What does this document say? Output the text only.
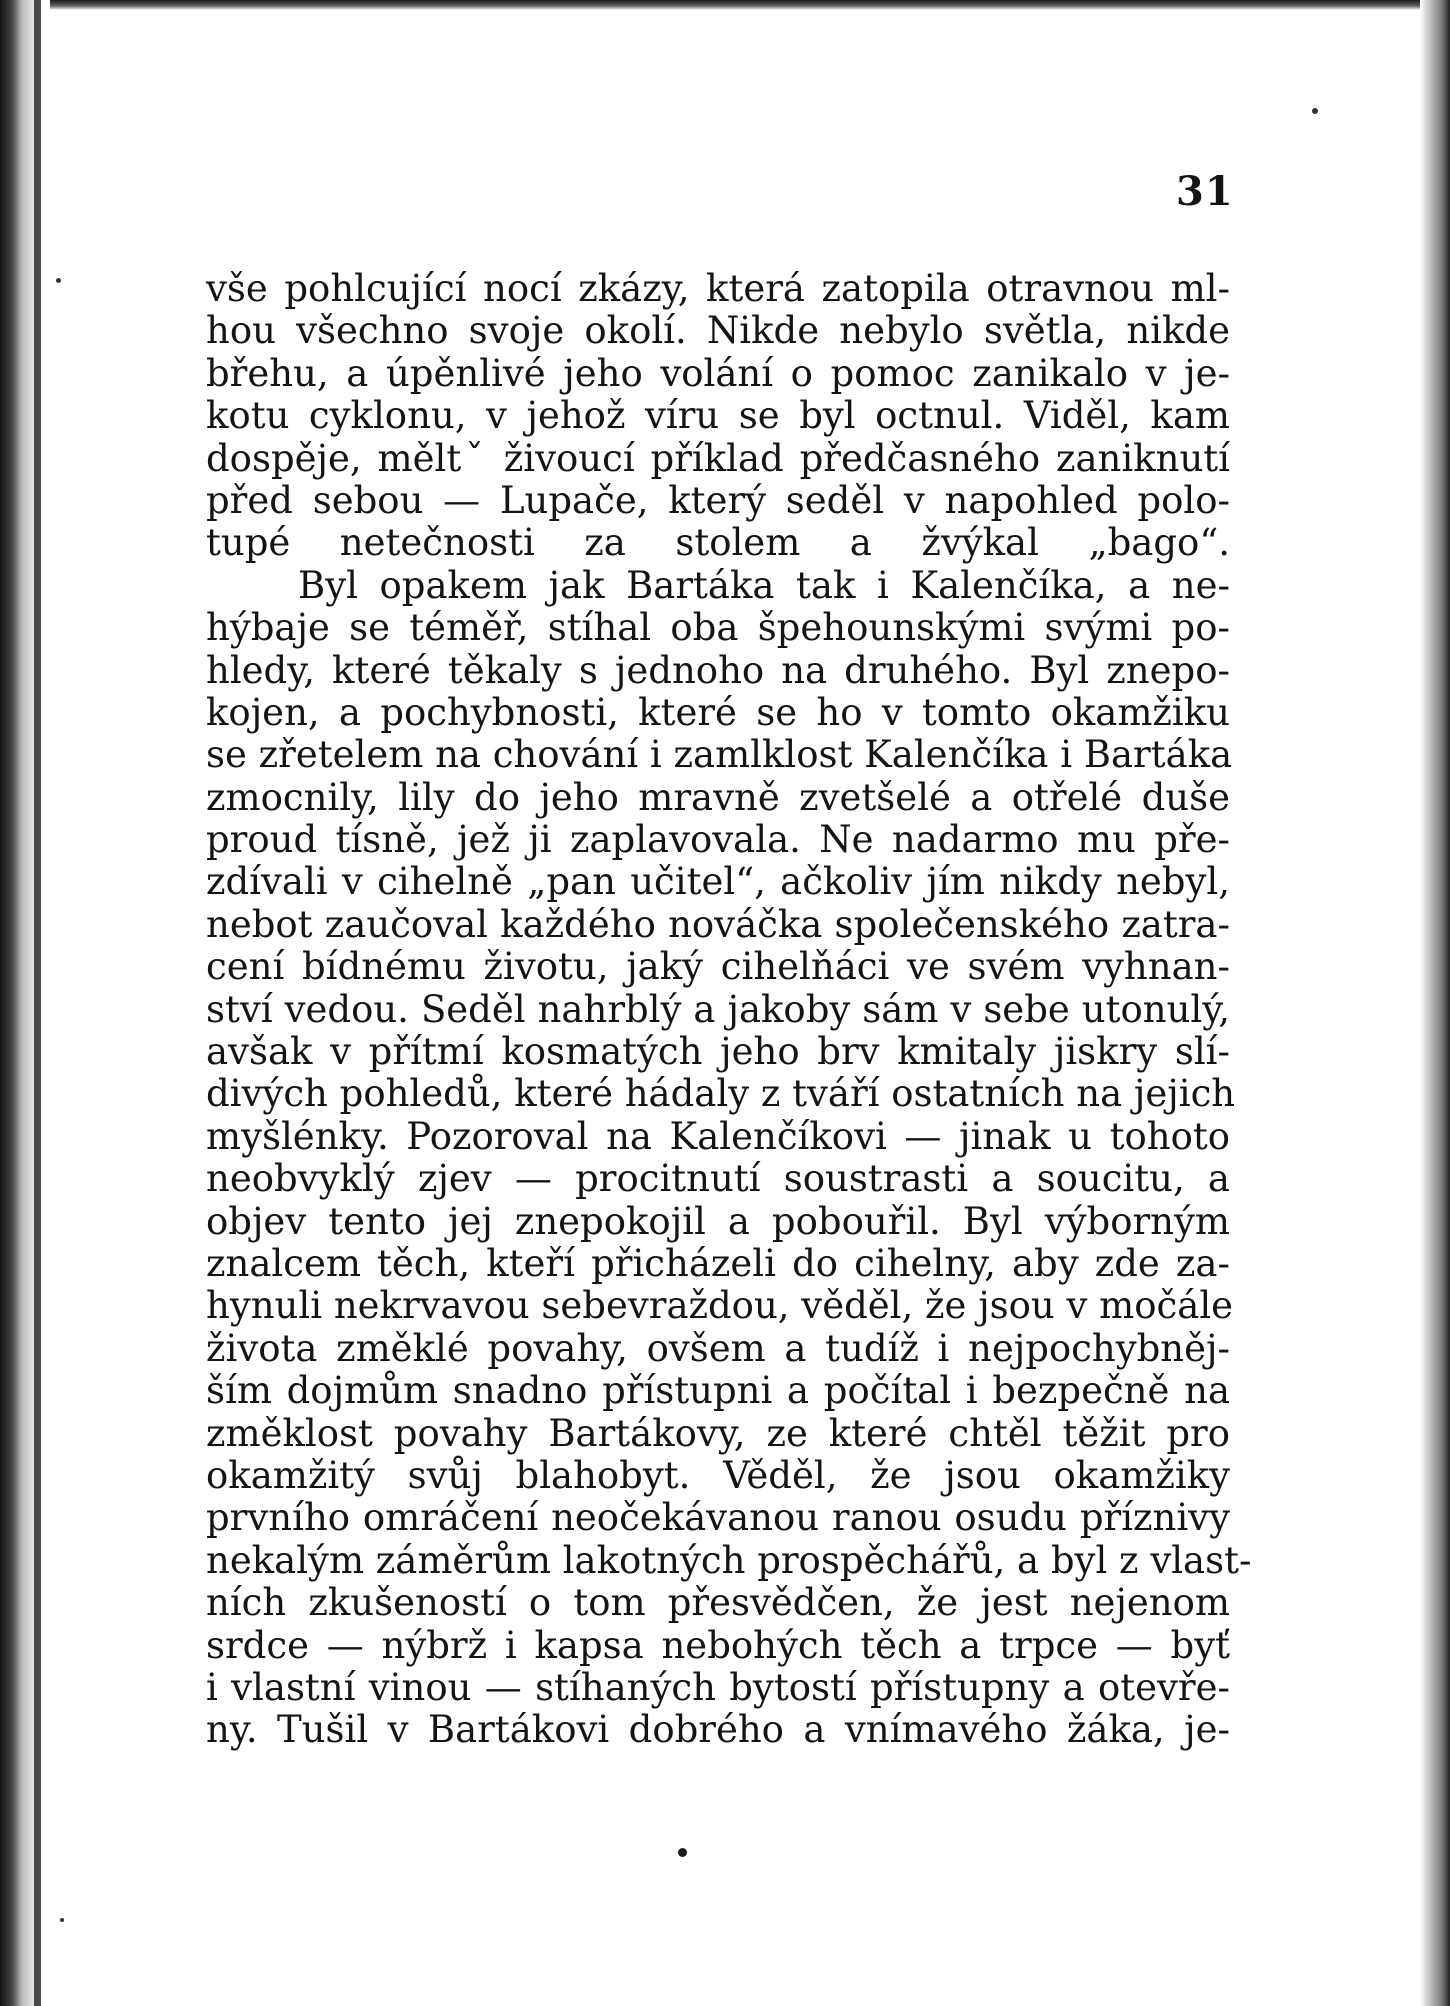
31
vše pohlcující nocí zkázy, která zatopila otravnou ml-
hou všechno svoje okolí. Nikde nebylo světla, nikde
břehu, a úpěnlivé jeho volání o pomoc zanikalo v je-
kotu cyklonu, v jehož víru se byl octnul. Viděl, kam
dospěje, měltˇ živoucí příklad předčasného zaniknutí
před sebou — Lupače, který seděl v napohled polo-
tupé netečnosti za stolem a žvýkal „bago“.
Byl opakem jak Bartáka tak i Kalenčíka, a ne-
hýbaje se téměř, stíhal oba špehounskými svými po-
hledy, které těkaly s jednoho na druhého. Byl znepo-
kojen, a pochybnosti, které se ho v tomto okamžiku
se zřetelem na chování i zamlklost Kalenčíka i Bartáka
zmocnily, lily do jeho mravně zvetšelé a otřelé duše
proud tísně, jež ji zaplavovala. Ne nadarmo mu pře-
zdívali v cihelně „pan učitel“, ačkoliv jím nikdy nebyl,
nebot zaučoval každého nováčka společenského zatra-
cení bídnému životu, jaký cihelňáci ve svém vyhnan-
ství vedou. Seděl nahrblý a jakoby sám v sebe utonulý,
avšak v přítmí kosmatých jeho brv kmitaly jiskry slí-
divých pohledů, které hádaly z tváří ostatních na jejich
myšlénky. Pozoroval na Kalenčíkovi — jinak u tohoto
neobvyklý zjev — procitnutí soustrasti a soucitu, a
objev tento jej znepokojil a pobouřil. Byl výborným
znalcem těch, kteří přicházeli do cihelny, aby zde za-
hynuli nekrvavou sebevraždou, věděl, že jsou v močále
života změklé povahy, ovšem a tudíž i nejpochybněj-
ším dojmům snadno přístupni a počítal i bezpečně na
změklost povahy Bartákovy, ze které chtěl těžit pro
okamžitý svůj blahobyt. Věděl, že jsou okamžiky
prvního omráčení neočekávanou ranou osudu příznivy
nekalým záměrům lakotných prospěchářů, a byl z vlast-
ních zkušeností o tom přesvědčen, že jest nejenom
srdce — nýbrž i kapsa nebohých těch a trpce — byť
i vlastní vinou — stíhaných bytostí přístupny a otevře-
ny. Tušil v Bartákovi dobrého a vnímavého žáka, je-
